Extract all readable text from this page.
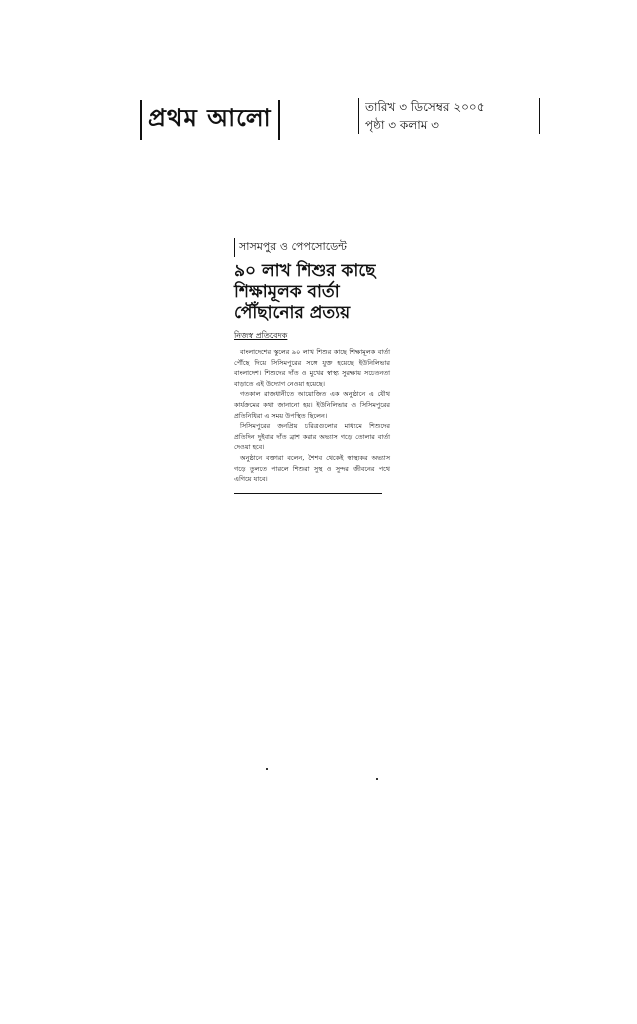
প্রথম আলো	তারিখ ৩ ডিসেম্বর ২০০৫
পৃষ্ঠা ৩ কলাম ৩
সাসমপুর ও পেপসোডেন্ট
৯০ লাখ শিশুর কাছে শিক্ষামূলক বার্তা পৌঁছানোর প্রত্যয়
নিজস্ব প্রতিবেদক

বাংলাদেশের স্কুলের ৯০ লাখ শিশুর কাছে শিক্ষামূলক বার্তা পৌঁছে দিয়ে সিসিমপুরের সঙ্গে যুক্ত হয়েছে ইউনিলিভার বাংলাদেশ। শিশুদের দাঁত ও মুখের স্বাস্থ্য সুরক্ষায় সচেতনতা বাড়াতে এই উদ্যোগ নেওয়া হয়েছে।

গতকাল রাজধানীতে আয়োজিত এক অনুষ্ঠানে এ যৌথ কার্যক্রমের কথা জানানো হয়। ইউনিলিভার ও সিসিমপুরের প্রতিনিধিরা এ সময় উপস্থিত ছিলেন।

সিসিমপুরের জনপ্রিয় চরিত্রগুলোর মাধ্যমে শিশুদের প্রতিদিন দুইবার দাঁত ব্রাশ করার অভ্যাস গড়ে তোলার বার্তা দেওয়া হবে।

অনুষ্ঠানে বক্তারা বলেন, শৈশব থেকেই স্বাস্থ্যকর অভ্যাস গড়ে তুলতে পারলে শিশুরা সুস্থ ও সুন্দর জীবনের পথে এগিয়ে যাবে।
